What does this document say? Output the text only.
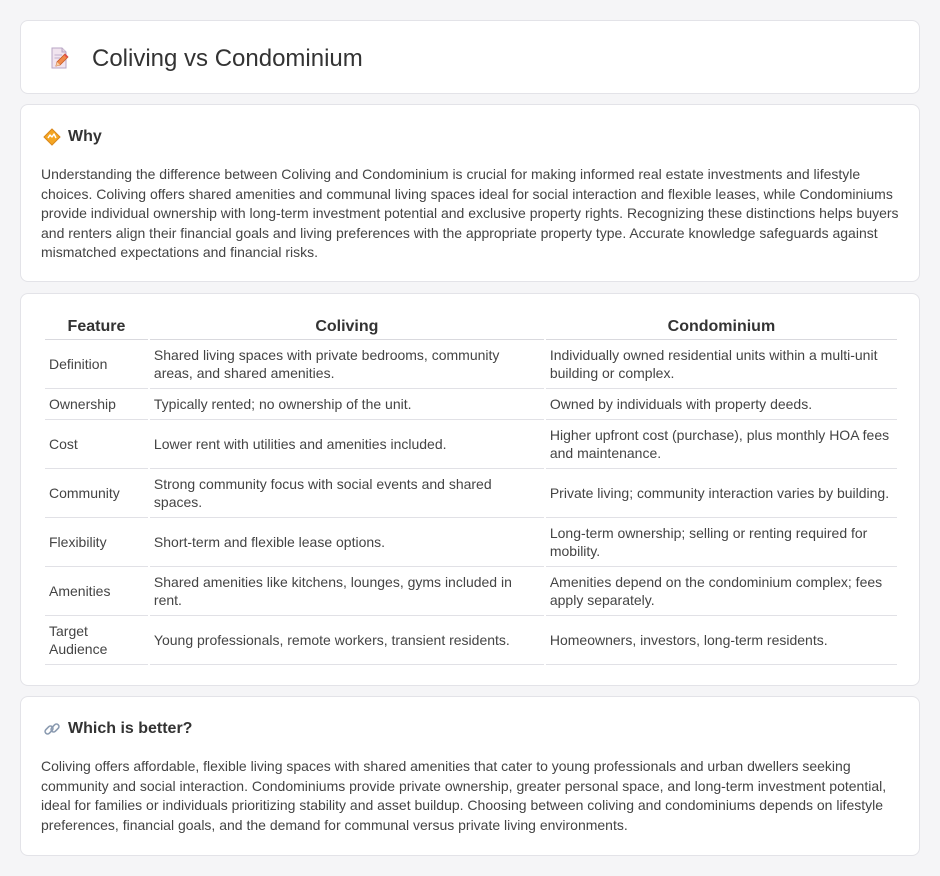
Coliving vs Condominium
Why

Understanding the difference between Coliving and Condominium is crucial for making informed real estate investments and lifestyle choices. Coliving offers shared amenities and communal living spaces ideal for social interaction and flexible leases, while Condominiums provide individual ownership with long-term investment potential and exclusive property rights. Recognizing these distinctions helps buyers and renters align their financial goals and living preferences with the appropriate property type. Accurate knowledge safeguards against mismatched expectations and financial risks.

Feature	Coliving	Condominium
Definition	Shared living spaces with private bedrooms, community areas, and shared amenities.	Individually owned residential units within a multi-unit building or complex.
Ownership	Typically rented; no ownership of the unit.	Owned by individuals with property deeds.
Cost	Lower rent with utilities and amenities included.	Higher upfront cost (purchase), plus monthly HOA fees and maintenance.
Community	Strong community focus with social events and shared spaces.	Private living; community interaction varies by building.
Flexibility	Short-term and flexible lease options.	Long-term ownership; selling or renting required for mobility.
Amenities	Shared amenities like kitchens, lounges, gyms included in rent.	Amenities depend on the condominium complex; fees apply separately.
Target Audience	Young professionals, remote workers, transient residents.	Homeowners, investors, long-term residents.
Which is better?

Coliving offers affordable, flexible living spaces with shared amenities that cater to young professionals and urban dwellers seeking community and social interaction. Condominiums provide private ownership, greater personal space, and long-term investment potential, ideal for families or individuals prioritizing stability and asset buildup. Choosing between coliving and condominiums depends on lifestyle preferences, financial goals, and the demand for communal versus private living environments.
